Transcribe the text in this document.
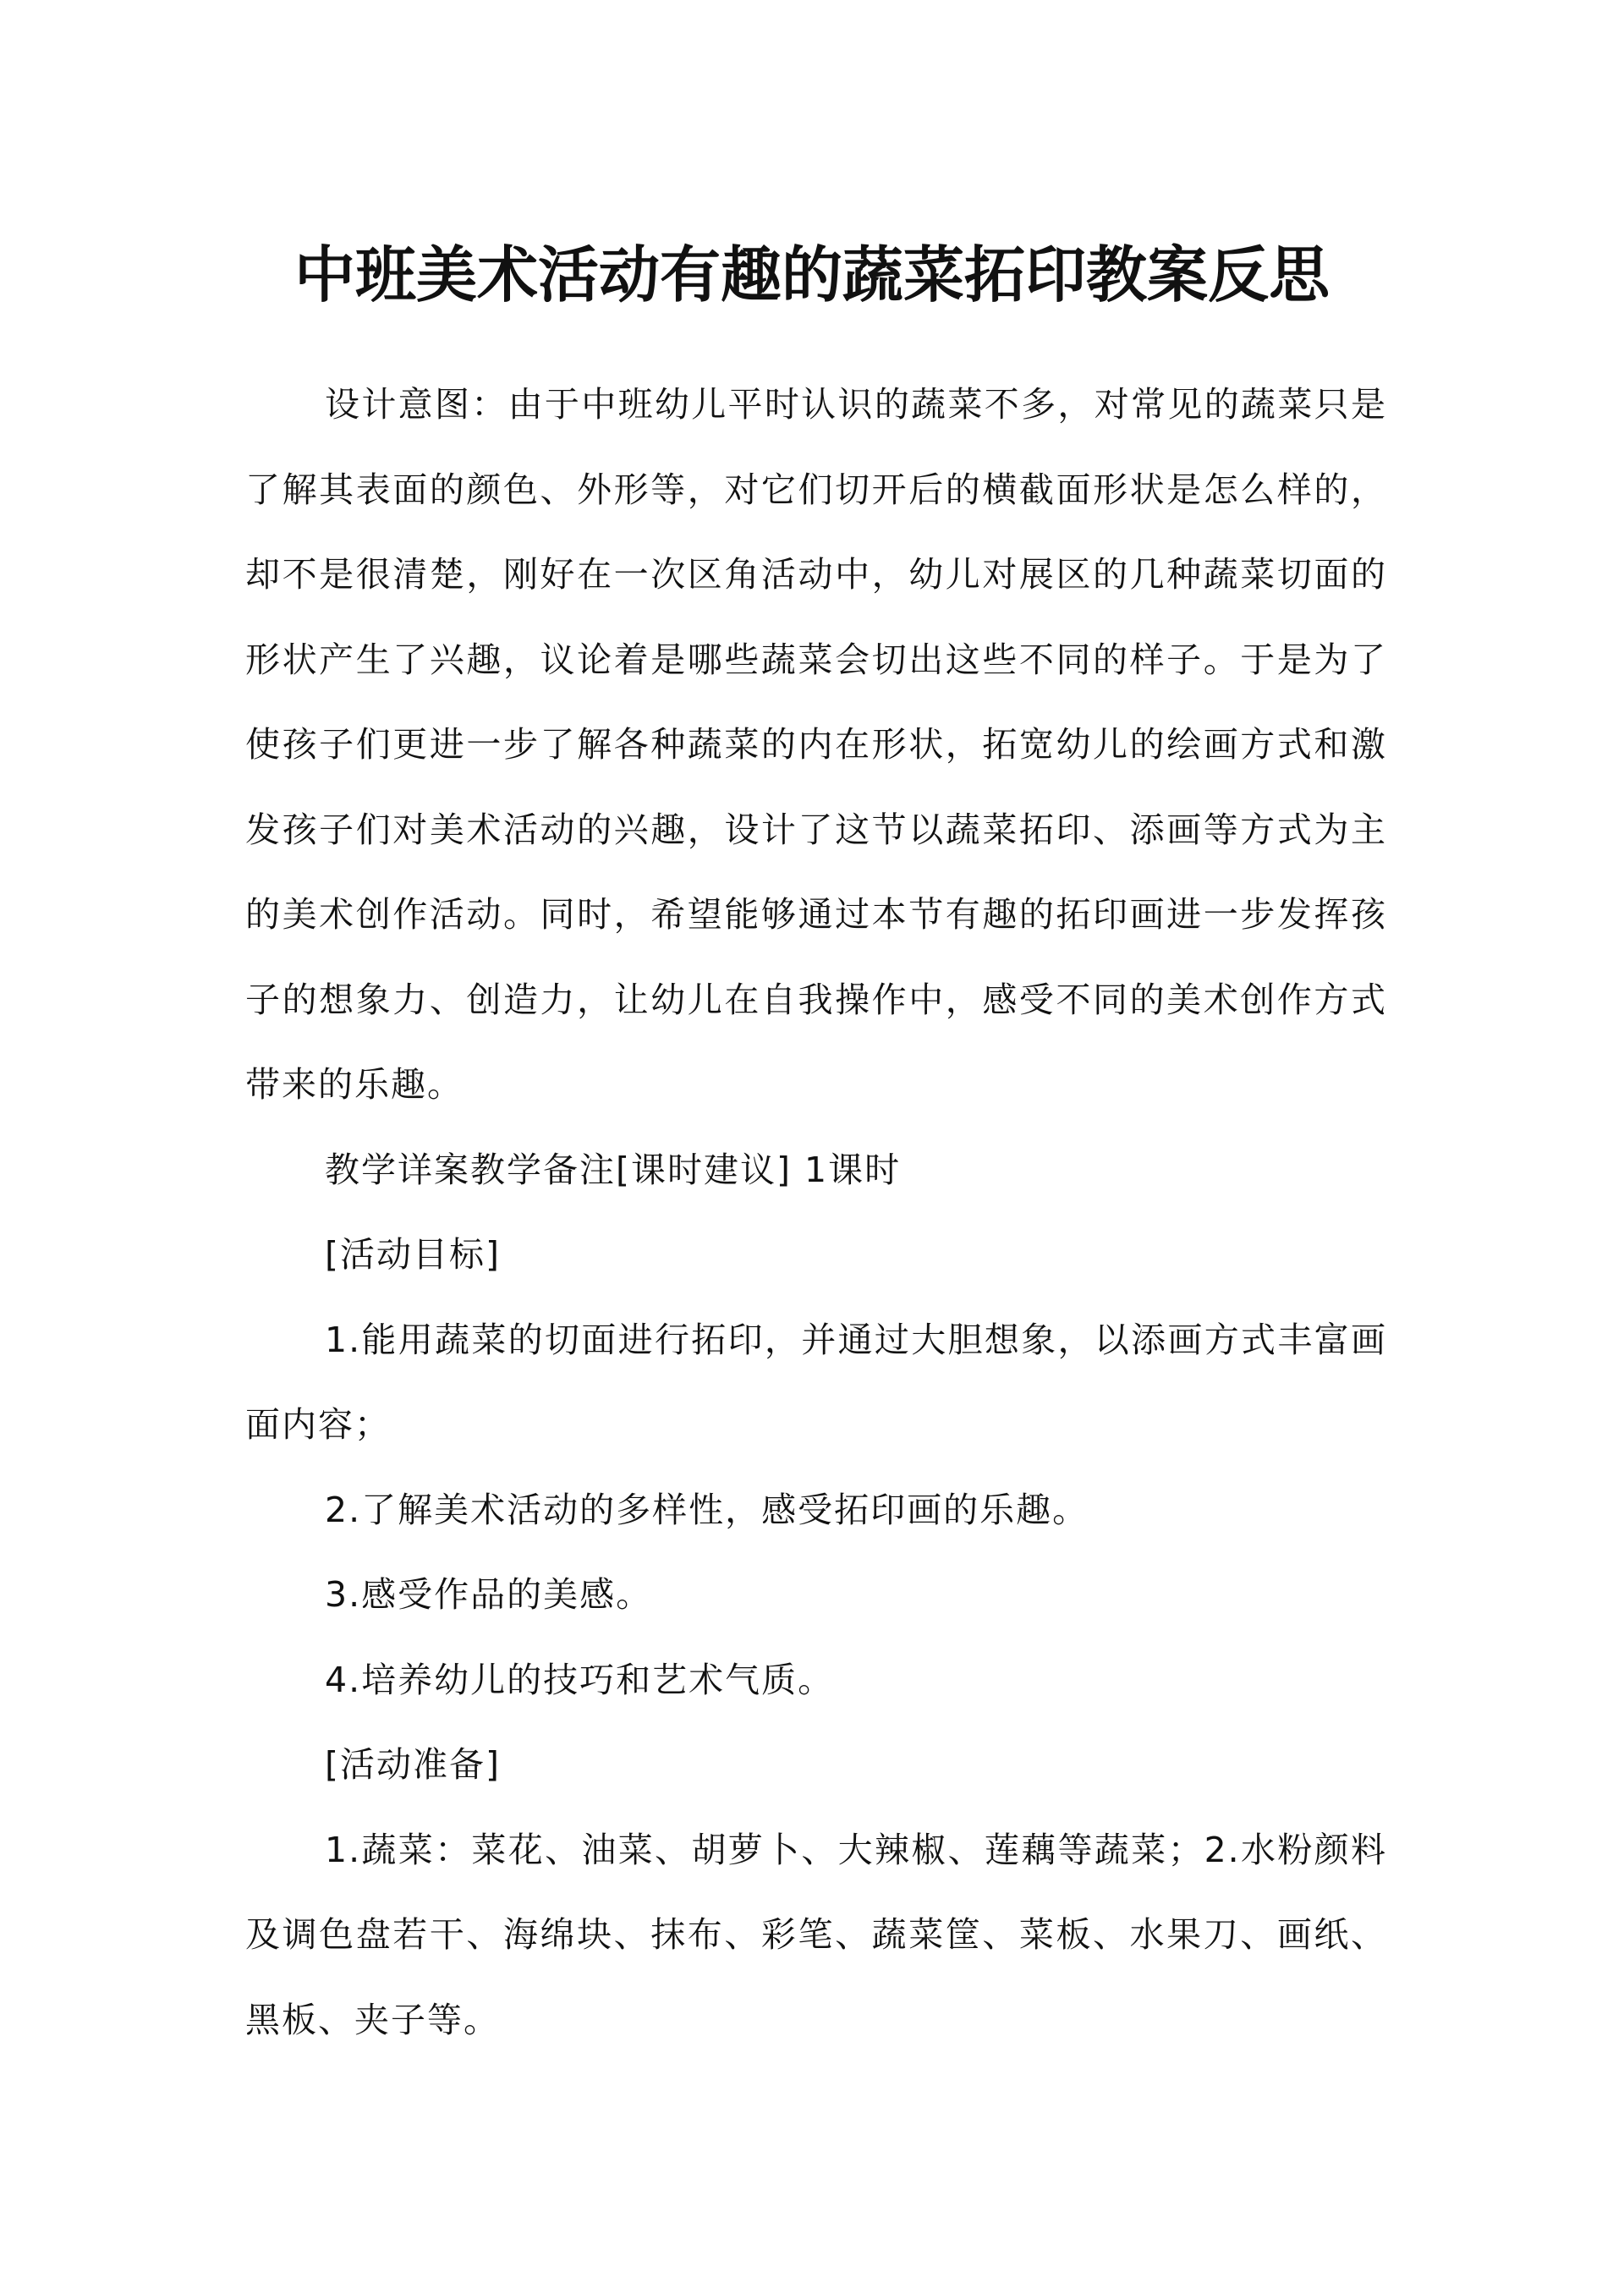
中班美术活动有趣的蔬菜拓印教案反思

设计意图：由于中班幼儿平时认识的蔬菜不多，对常见的蔬菜只是了解其表面的颜色、外形等，对它们切开后的横截面形状是怎么样的，却不是很清楚，刚好在一次区角活动中，幼儿对展区的几种蔬菜切面的形状产生了兴趣，议论着是哪些蔬菜会切出这些不同的样子。于是为了使孩子们更进一步了解各种蔬菜的内在形状，拓宽幼儿的绘画方式和激发孩子们对美术活动的兴趣，设计了这节以蔬菜拓印、添画等方式为主的美术创作活动。同时，希望能够通过本节有趣的拓印画进一步发挥孩子的想象力、创造力，让幼儿在自我操作中，感受不同的美术创作方式带来的乐趣。

教学详案教学备注[课时建议] 1课时

[活动目标]

1.能用蔬菜的切面进行拓印，并通过大胆想象，以添画方式丰富画面内容；

2.了解美术活动的多样性，感受拓印画的乐趣。

3.感受作品的美感。

4.培养幼儿的技巧和艺术气质。

[活动准备]

1.蔬菜：菜花、油菜、胡萝卜、大辣椒、莲藕等蔬菜；2.水粉颜料及调色盘若干、海绵块、抹布、彩笔、蔬菜筐、菜板、水果刀、画纸、黑板、夹子等。
